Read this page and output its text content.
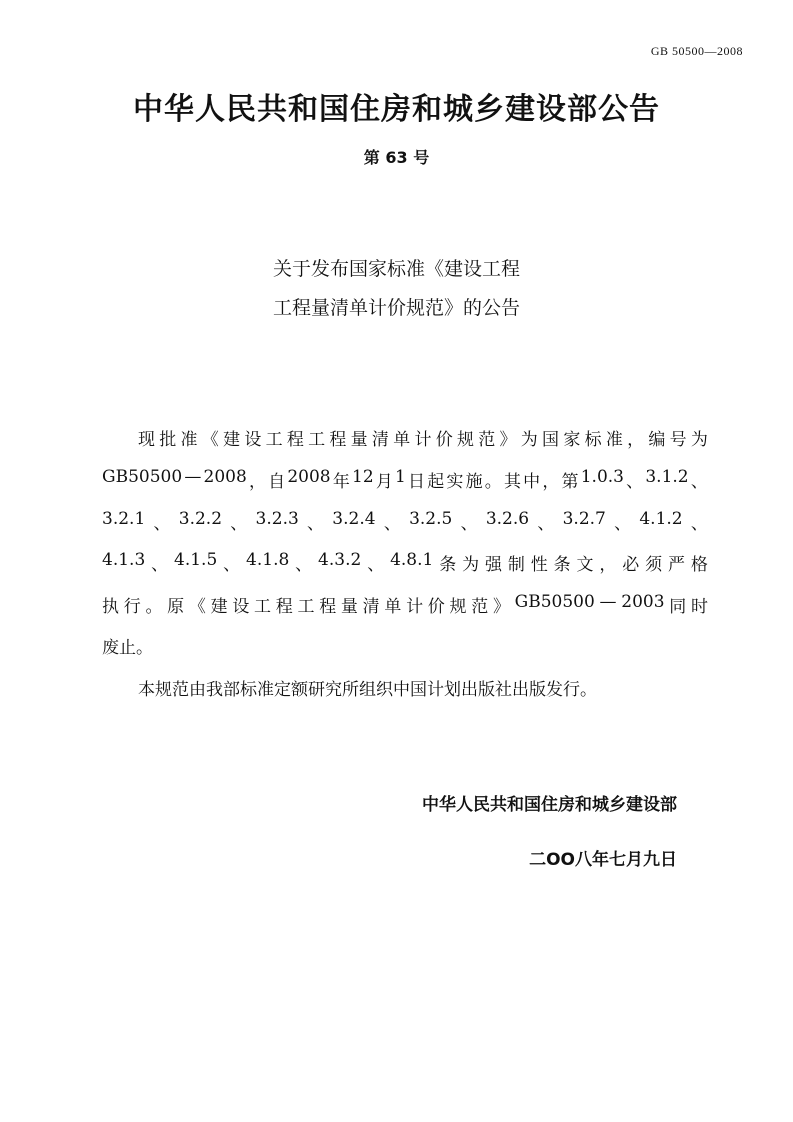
GB 50500—2008
中华人民共和国住房和城乡建设部公告
第 63 号
关于发布国家标准《建设工程
工程量清单计价规范》的公告
现 批 准 《 建 设 工 程 工 程 量 清 单 计 价 规 范 》 为 国 家 标 准 ， 编 号 为
GB50500 — 2008 ， 自 2008 年 12 月 1 日 起 实 施 。 其 中 ， 第 1.0.3 、 3.1.2 、
3.2.1 、 3.2.2 、 3.2.3 、 3.2.4 、 3.2.5 、 3.2.6 、 3.2.7 、 4.1.2 、
4.1.3 、 4.1.5 、 4.1.8 、 4.3.2 、 4.8.1 条 为 强 制 性 条 文 ， 必 须 严 格
执 行 。 原 《 建 设 工 程 工 程 量 清 单 计 价 规 范 》 GB50500 — 2003 同 时
废止。
本规范由我部标准定额研究所组织中国计划出版社出版发行。
中华人民共和国住房和城乡建设部
二OO八年七月九日
